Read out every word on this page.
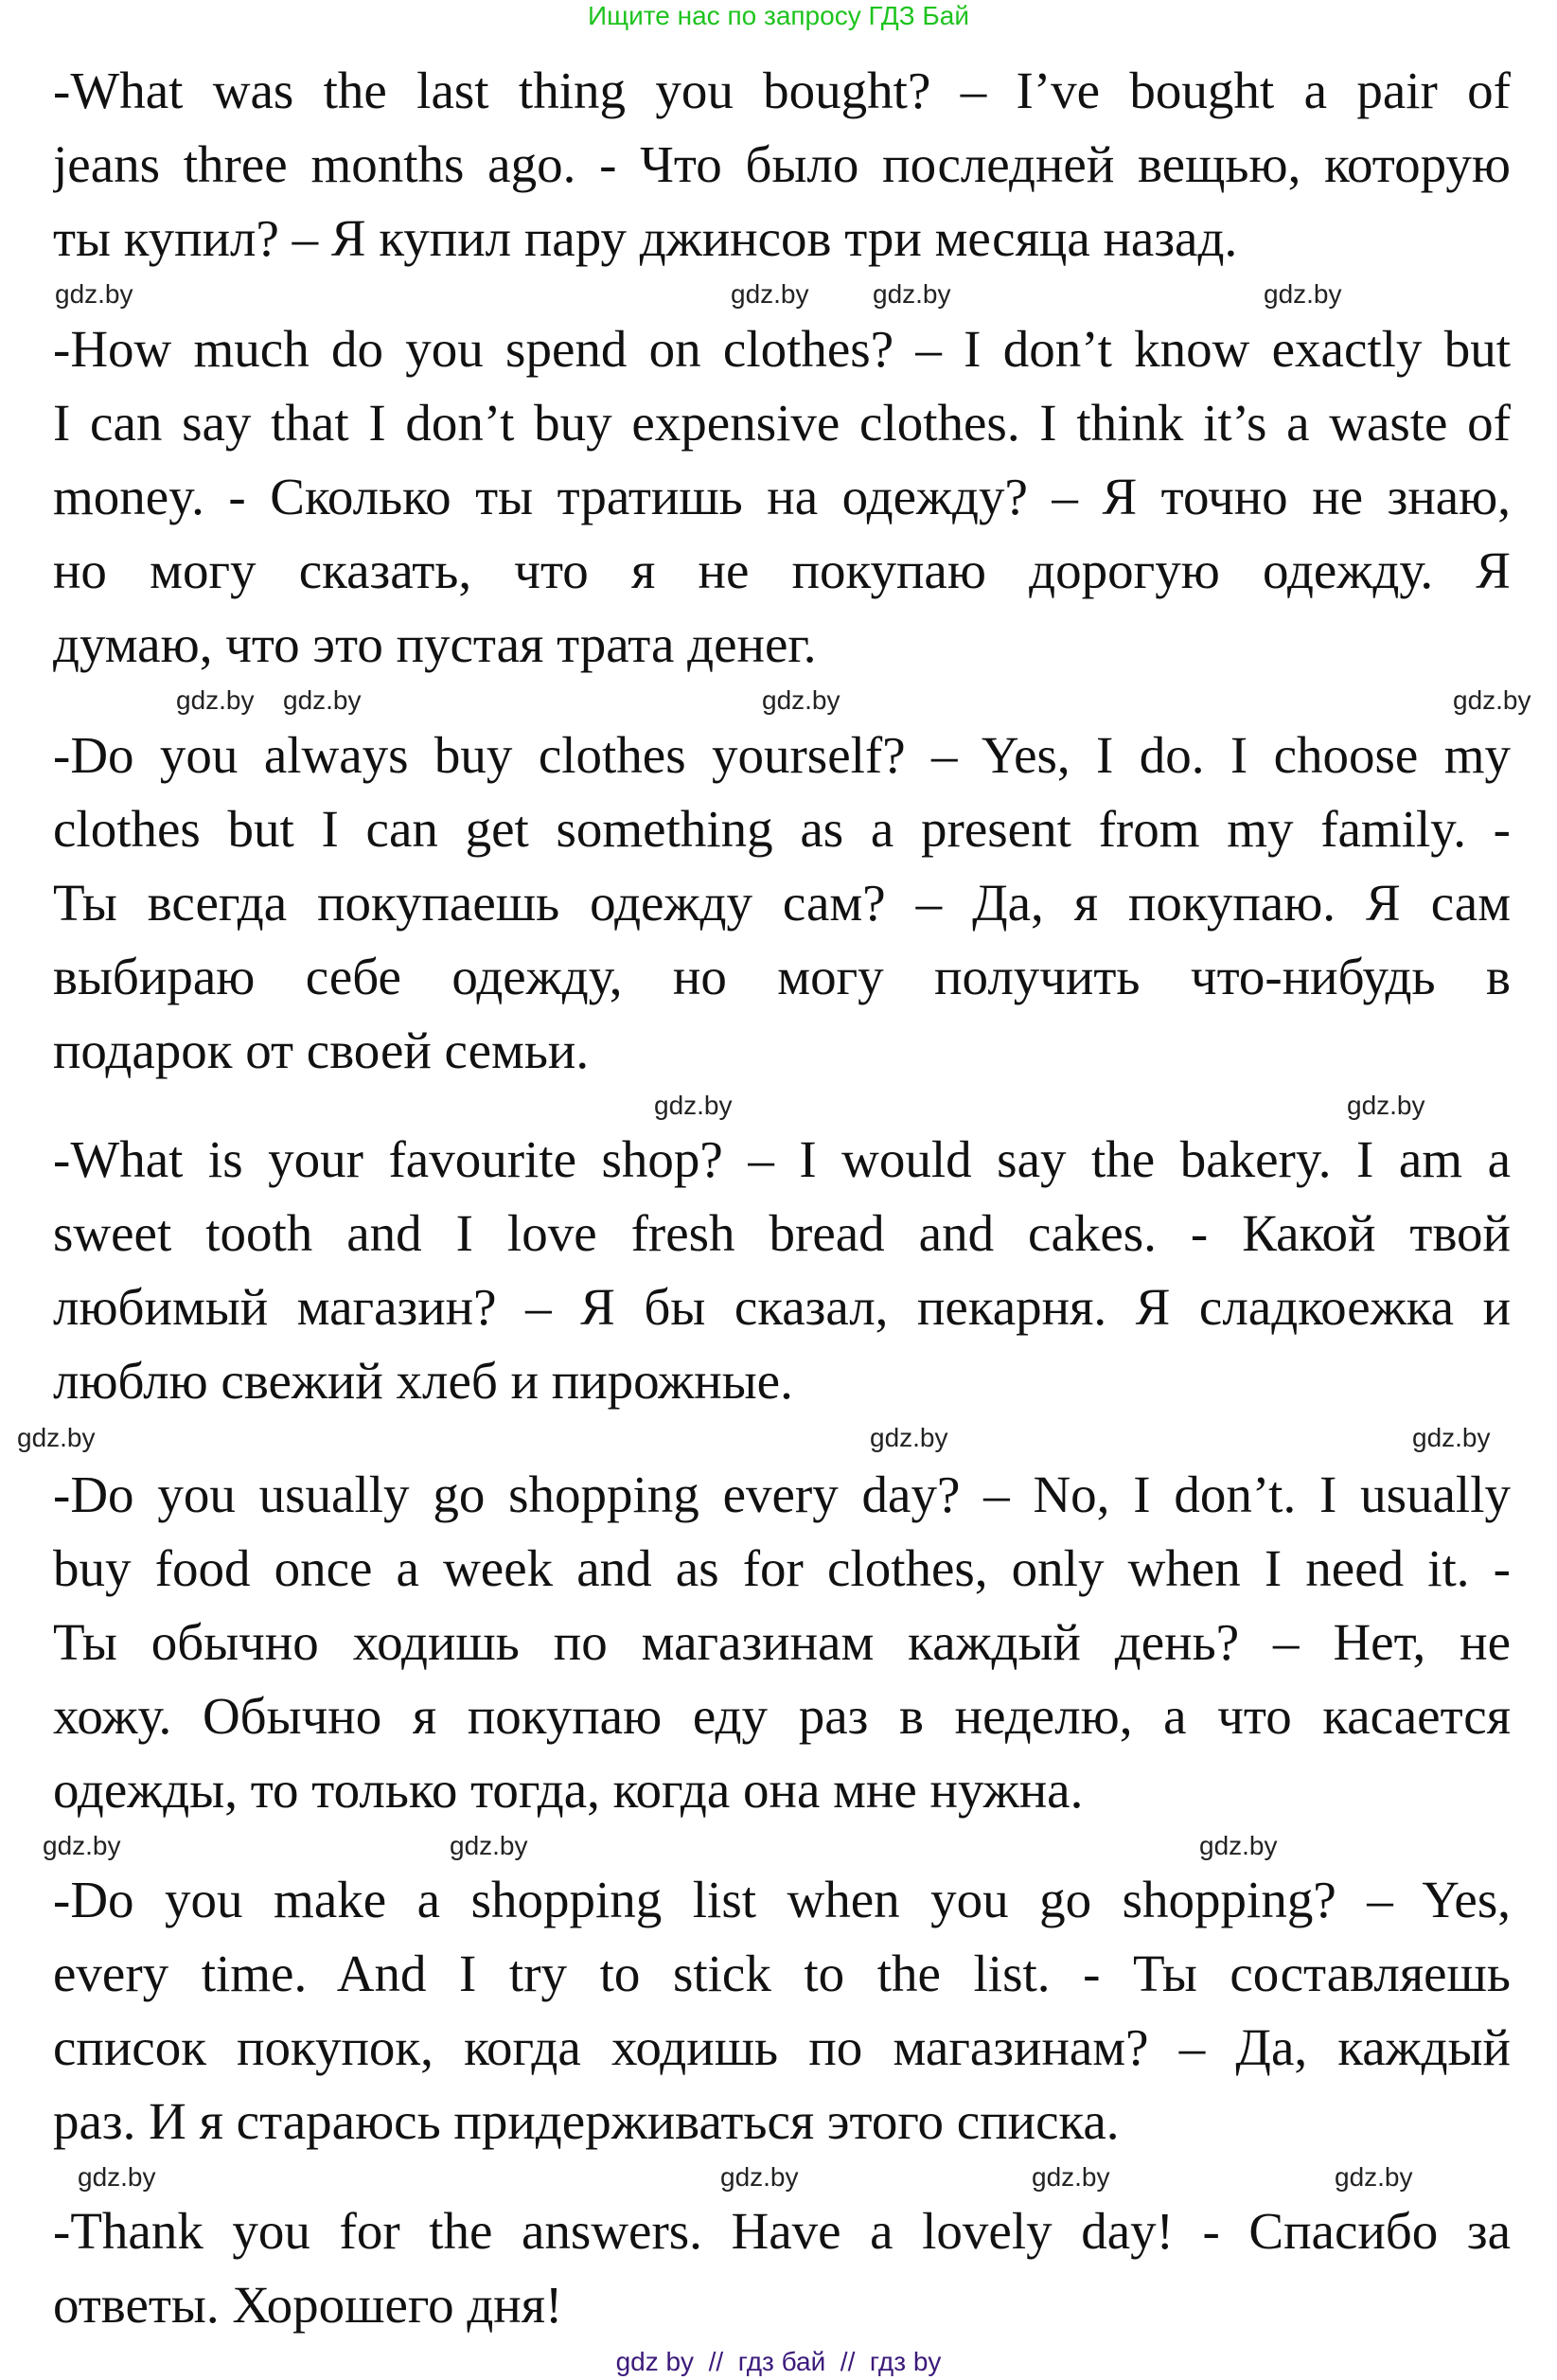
Ищите нас по запросу ГДЗ Бай
-What was the last thing you bought? – I’ve bought a pair of
jeans three months ago. - Что было последней вещью, которую
ты купил? – Я купил пару джинсов три месяца назад.
-How much do you spend on clothes? – I don’t know exactly but
I can say that I don’t buy expensive clothes. I think it’s a waste of
money. - Сколько ты тратишь на одежду? – Я точно не знаю,
но могу сказать, что я не покупаю дорогую одежду. Я
думаю, что это пустая трата денег.
-Do you always buy clothes yourself? – Yes, I do. I choose my
clothes but I can get something as a present from my family. -
Ты всегда покупаешь одежду сам? – Да, я покупаю. Я сам
выбираю себе одежду, но могу получить что-нибудь в
подарок от своей семьи.
-What is your favourite shop? – I would say the bakery. I am a
sweet tooth and I love fresh bread and cakes. - Какой твой
любимый магазин? – Я бы сказал, пекарня. Я сладкоежка и
люблю свежий хлеб и пирожные.
-Do you usually go shopping every day? – No, I don’t. I usually
buy food once a week and as for clothes, only when I need it. -
Ты обычно ходишь по магазинам каждый день? – Нет, не
хожу. Обычно я покупаю еду раз в неделю, а что касается
одежды, то только тогда, когда она мне нужна.
-Do you make a shopping list when you go shopping? – Yes,
every time. And I try to stick to the list. - Ты составляешь
список покупок, когда ходишь по магазинам? – Да, каждый
раз. И я стараюсь придерживаться этого списка.
-Thank you for the answers. Have a lovely day! - Спасибо за
ответы. Хорошего дня!
gdz.by	gdz.by gdz.by	gdz.by
gdz.by gdz.by	gdz.by	gdz.by
gdz.by	gdz.by
gdz.by	gdz.by	gdz.by
gdz.by	gdz.by	gdz.by
gdz.by	gdz.by	gdz.by	gdz.by
gdz by  //  гдз бай  //  гдз by
